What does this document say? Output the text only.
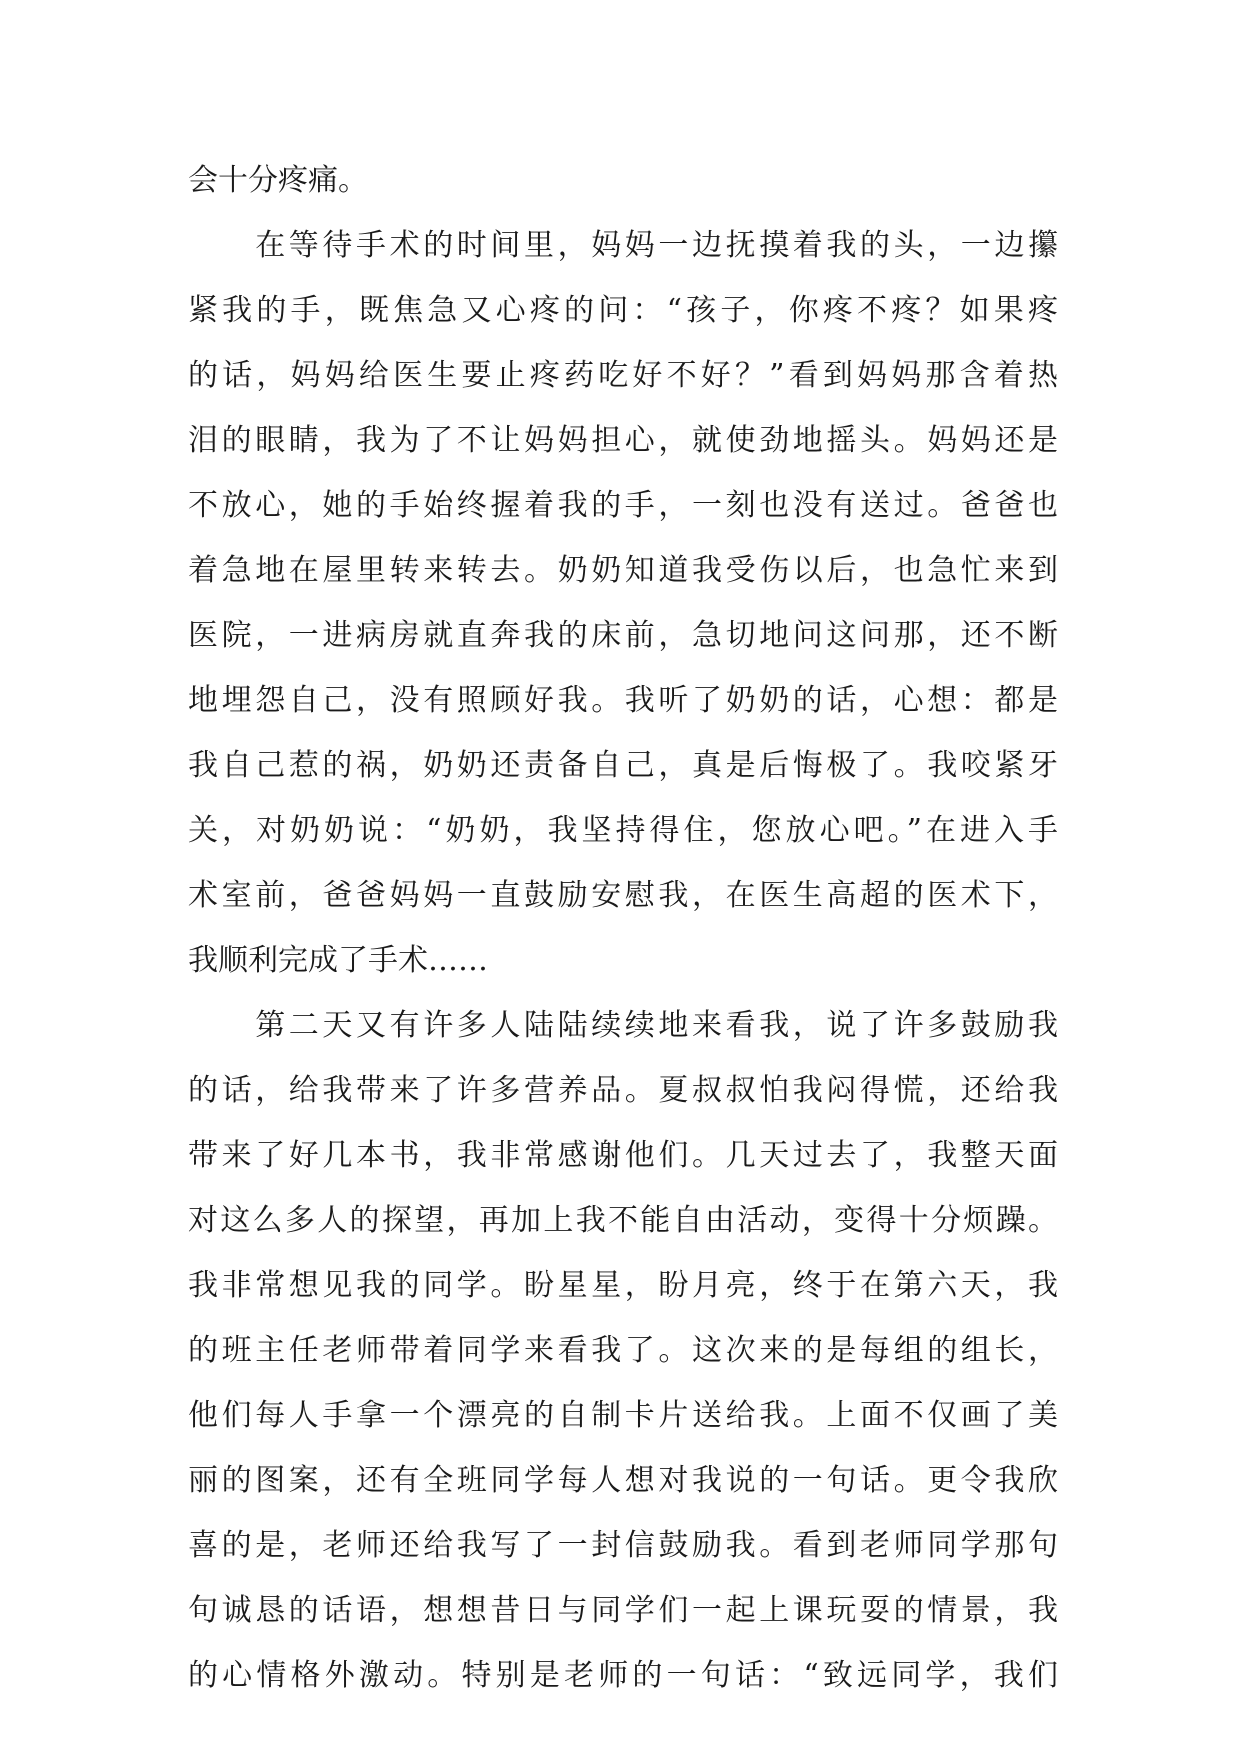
会十分疼痛。
　　在等待手术的时间里，妈妈一边抚摸着我的头，一边攥
紧我的手，既焦急又心疼的问：“孩子，你疼不疼？如果疼
的话，妈妈给医生要止疼药吃好不好？”看到妈妈那含着热
泪的眼睛，我为了不让妈妈担心，就使劲地摇头。妈妈还是
不放心，她的手始终握着我的手，一刻也没有送过。爸爸也
着急地在屋里转来转去。奶奶知道我受伤以后，也急忙来到
医院，一进病房就直奔我的床前，急切地问这问那，还不断
地埋怨自己，没有照顾好我。我听了奶奶的话，心想：都是
我自己惹的祸，奶奶还责备自己，真是后悔极了。我咬紧牙
关，对奶奶说：“奶奶，我坚持得住，您放心吧。”在进入手
术室前，爸爸妈妈一直鼓励安慰我，在医生高超的医术下，
我顺利完成了手术……
　　第二天又有许多人陆陆续续地来看我，说了许多鼓励我
的话，给我带来了许多营养品。夏叔叔怕我闷得慌，还给我
带来了好几本书，我非常感谢他们。几天过去了，我整天面
对这么多人的探望，再加上我不能自由活动，变得十分烦躁。
我非常想见我的同学。盼星星，盼月亮，终于在第六天，我
的班主任老师带着同学来看我了。这次来的是每组的组长，
他们每人手拿一个漂亮的自制卡片送给我。上面不仅画了美
丽的图案，还有全班同学每人想对我说的一句话。更令我欣
喜的是，老师还给我写了一封信鼓励我。看到老师同学那句
句诚恳的话语，想想昔日与同学们一起上课玩耍的情景，我
的心情格外激动。特别是老师的一句话：“致远同学，我们
